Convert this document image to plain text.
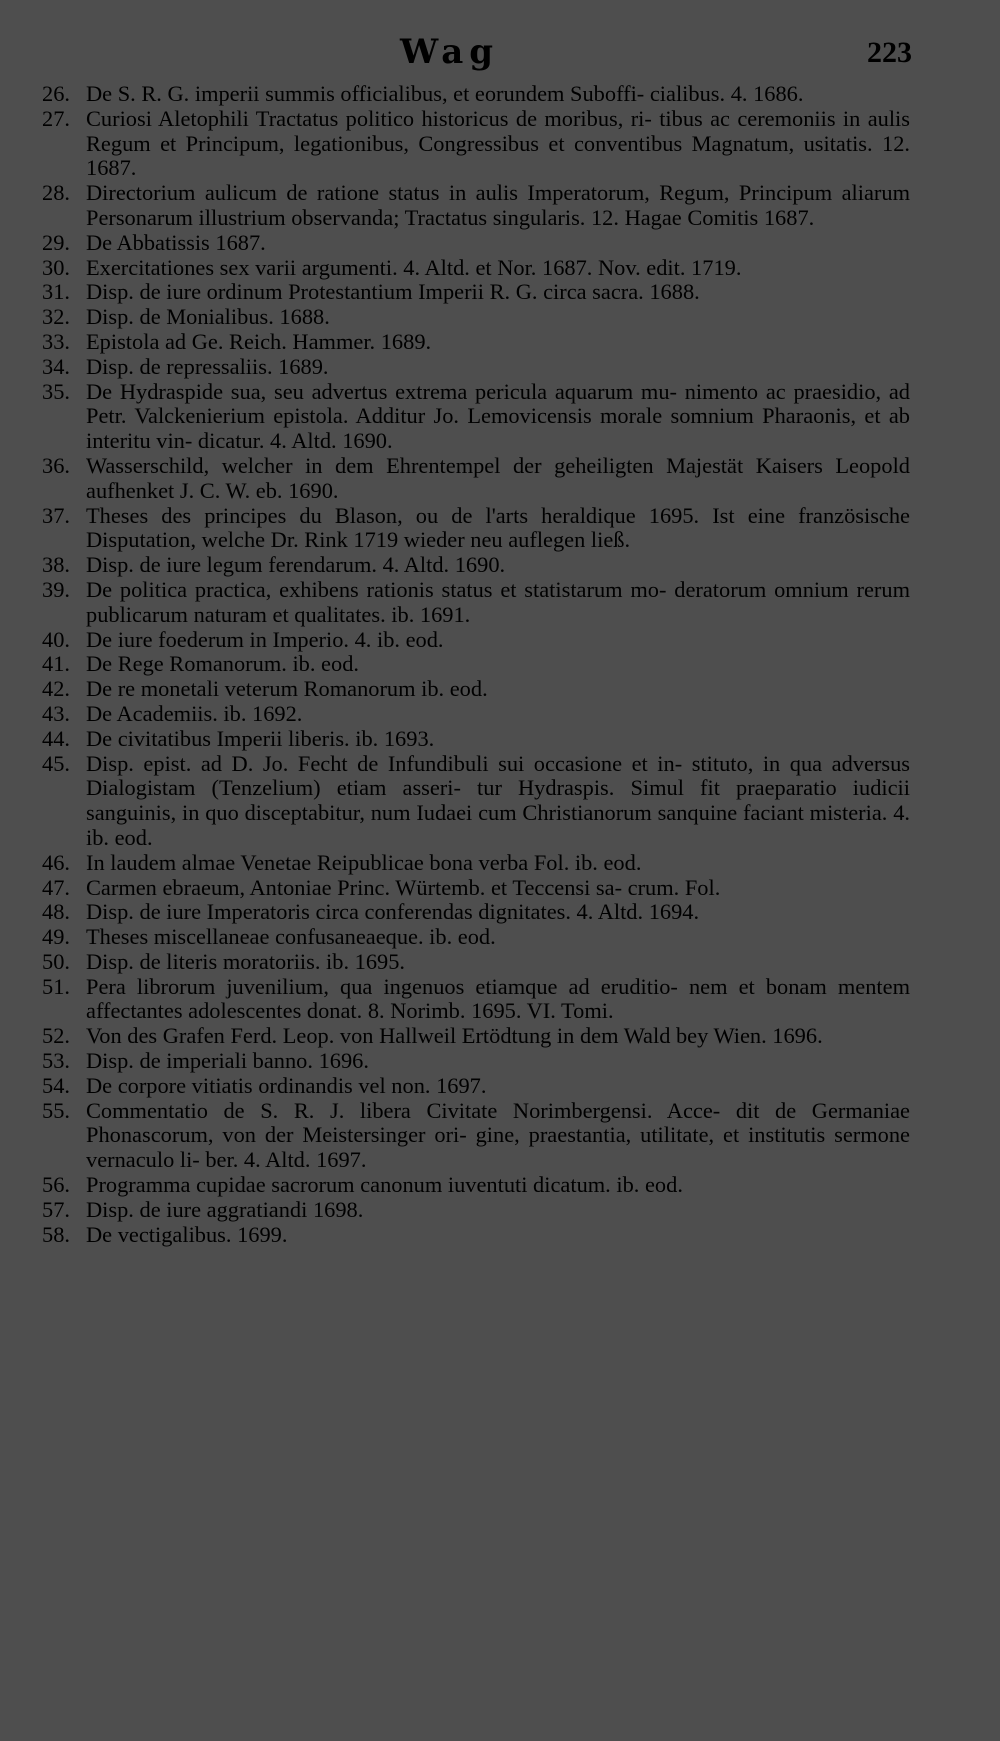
Wag	223
26. De S. R. G. imperii summis officialibus, et eorundem Suboffi- cialibus. 4. 1686.
27. Curiosi Aletophili Tractatus politico historicus de moribus, ri- tibus ac ceremoniis in aulis Regum et Principum, legationibus, Congressibus et conventibus Magnatum, usitatis. 12. 1687.
28. Directorium aulicum de ratione status in aulis Imperatorum, Regum, Principum aliarum Personarum illustrium observanda; Tractatus singularis. 12. Hagae Comitis 1687.
29. De Abbatissis 1687.
30. Exercitationes sex varii argumenti. 4. Altd. et Nor. 1687. Nov. edit. 1719.
31. Disp. de iure ordinum Protestantium Imperii R. G. circa sacra. 1688.
32. Disp. de Monialibus. 1688.
33. Epistola ad Ge. Reich. Hammer. 1689.
34. Disp. de repressaliis. 1689.
35. De Hydraspide sua, seu advertus extrema pericula aquarum mu- nimento ac praesidio, ad Petr. Valckenierium epistola. Additur Jo. Lemovicensis morale somnium Pharaonis, et ab interitu vin- dicatur. 4. Altd. 1690.
36. Wasserschild, welcher in dem Ehrentempel der geheiligten Majestät Kaisers Leopold aufhenket J. C. W. eb. 1690.
37. Theses des principes du Blason, ou de l'arts heraldique 1695. Ist eine französische Disputation, welche Dr. Rink 1719 wieder neu auflegen ließ.
38. Disp. de iure legum ferendarum. 4. Altd. 1690.
39. De politica practica, exhibens rationis status et statistarum mo- deratorum omnium rerum publicarum naturam et qualitates. ib. 1691.
40. De iure foederum in Imperio. 4. ib. eod.
41. De Rege Romanorum. ib. eod.
42. De re monetali veterum Romanorum ib. eod.
43. De Academiis. ib. 1692.
44. De civitatibus Imperii liberis. ib. 1693.
45. Disp. epist. ad D. Jo. Fecht de Infundibuli sui occasione et in- stituto, in qua adversus Dialogistam (Tenzelium) etiam asseri- tur Hydraspis. Simul fit praeparatio iudicii sanguinis, in quo disceptabitur, num Iudaei cum Christianorum sanquine faciant misteria. 4. ib. eod.
46. In laudem almae Venetae Reipublicae bona verba Fol. ib. eod.
47. Carmen ebraeum, Antoniae Princ. Würtemb. et Teccensi sa- crum. Fol.
48. Disp. de iure Imperatoris circa conferendas dignitates. 4. Altd. 1694.
49. Theses miscellaneae confusaneaeque. ib. eod.
50. Disp. de literis moratoriis. ib. 1695.
51. Pera librorum juvenilium, qua ingenuos etiamque ad eruditio- nem et bonam mentem affectantes adolescentes donat. 8. Norimb. 1695. VI. Tomi.
52. Von des Grafen Ferd. Leop. von Hallweil Ertödtung in dem Wald bey Wien. 1696.
53. Disp. de imperiali banno. 1696.
54. De corpore vitiatis ordinandis vel non. 1697.
55. Commentatio de S. R. J. libera Civitate Norimbergensi. Acce- dit de Germaniae Phonascorum, von der Meistersinger ori- gine, praestantia, utilitate, et institutis sermone vernaculo li- ber. 4. Altd. 1697.
56. Programma cupidae sacrorum canonum iuventuti dicatum. ib. eod.
57. Disp. de iure aggratiandi 1698.
58. De vectigalibus. 1699.
